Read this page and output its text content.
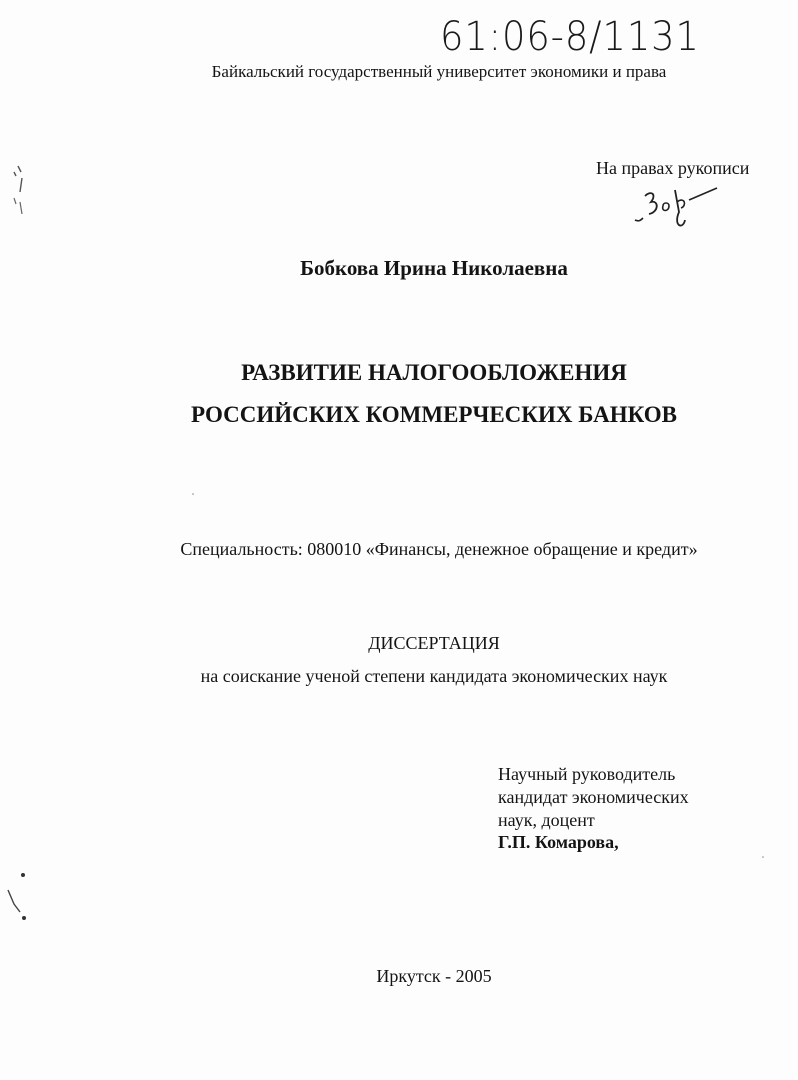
61:06-8/1131
Байкальский государственный университет экономики и права
На правах рукописи
Бобкова Ирина Николаевна
РАЗВИТИЕ НАЛОГООБЛОЖЕНИЯ
РОССИЙСКИХ КОММЕРЧЕСКИХ БАНКОВ
Специальность: 080010 «Финансы, денежное обращение и кредит»
ДИССЕРТАЦИЯ
на соискание ученой степени кандидата экономических наук
Научный руководитель
кандидат экономических
наук, доцент
Г.П. Комарова,
Иркутск - 2005
